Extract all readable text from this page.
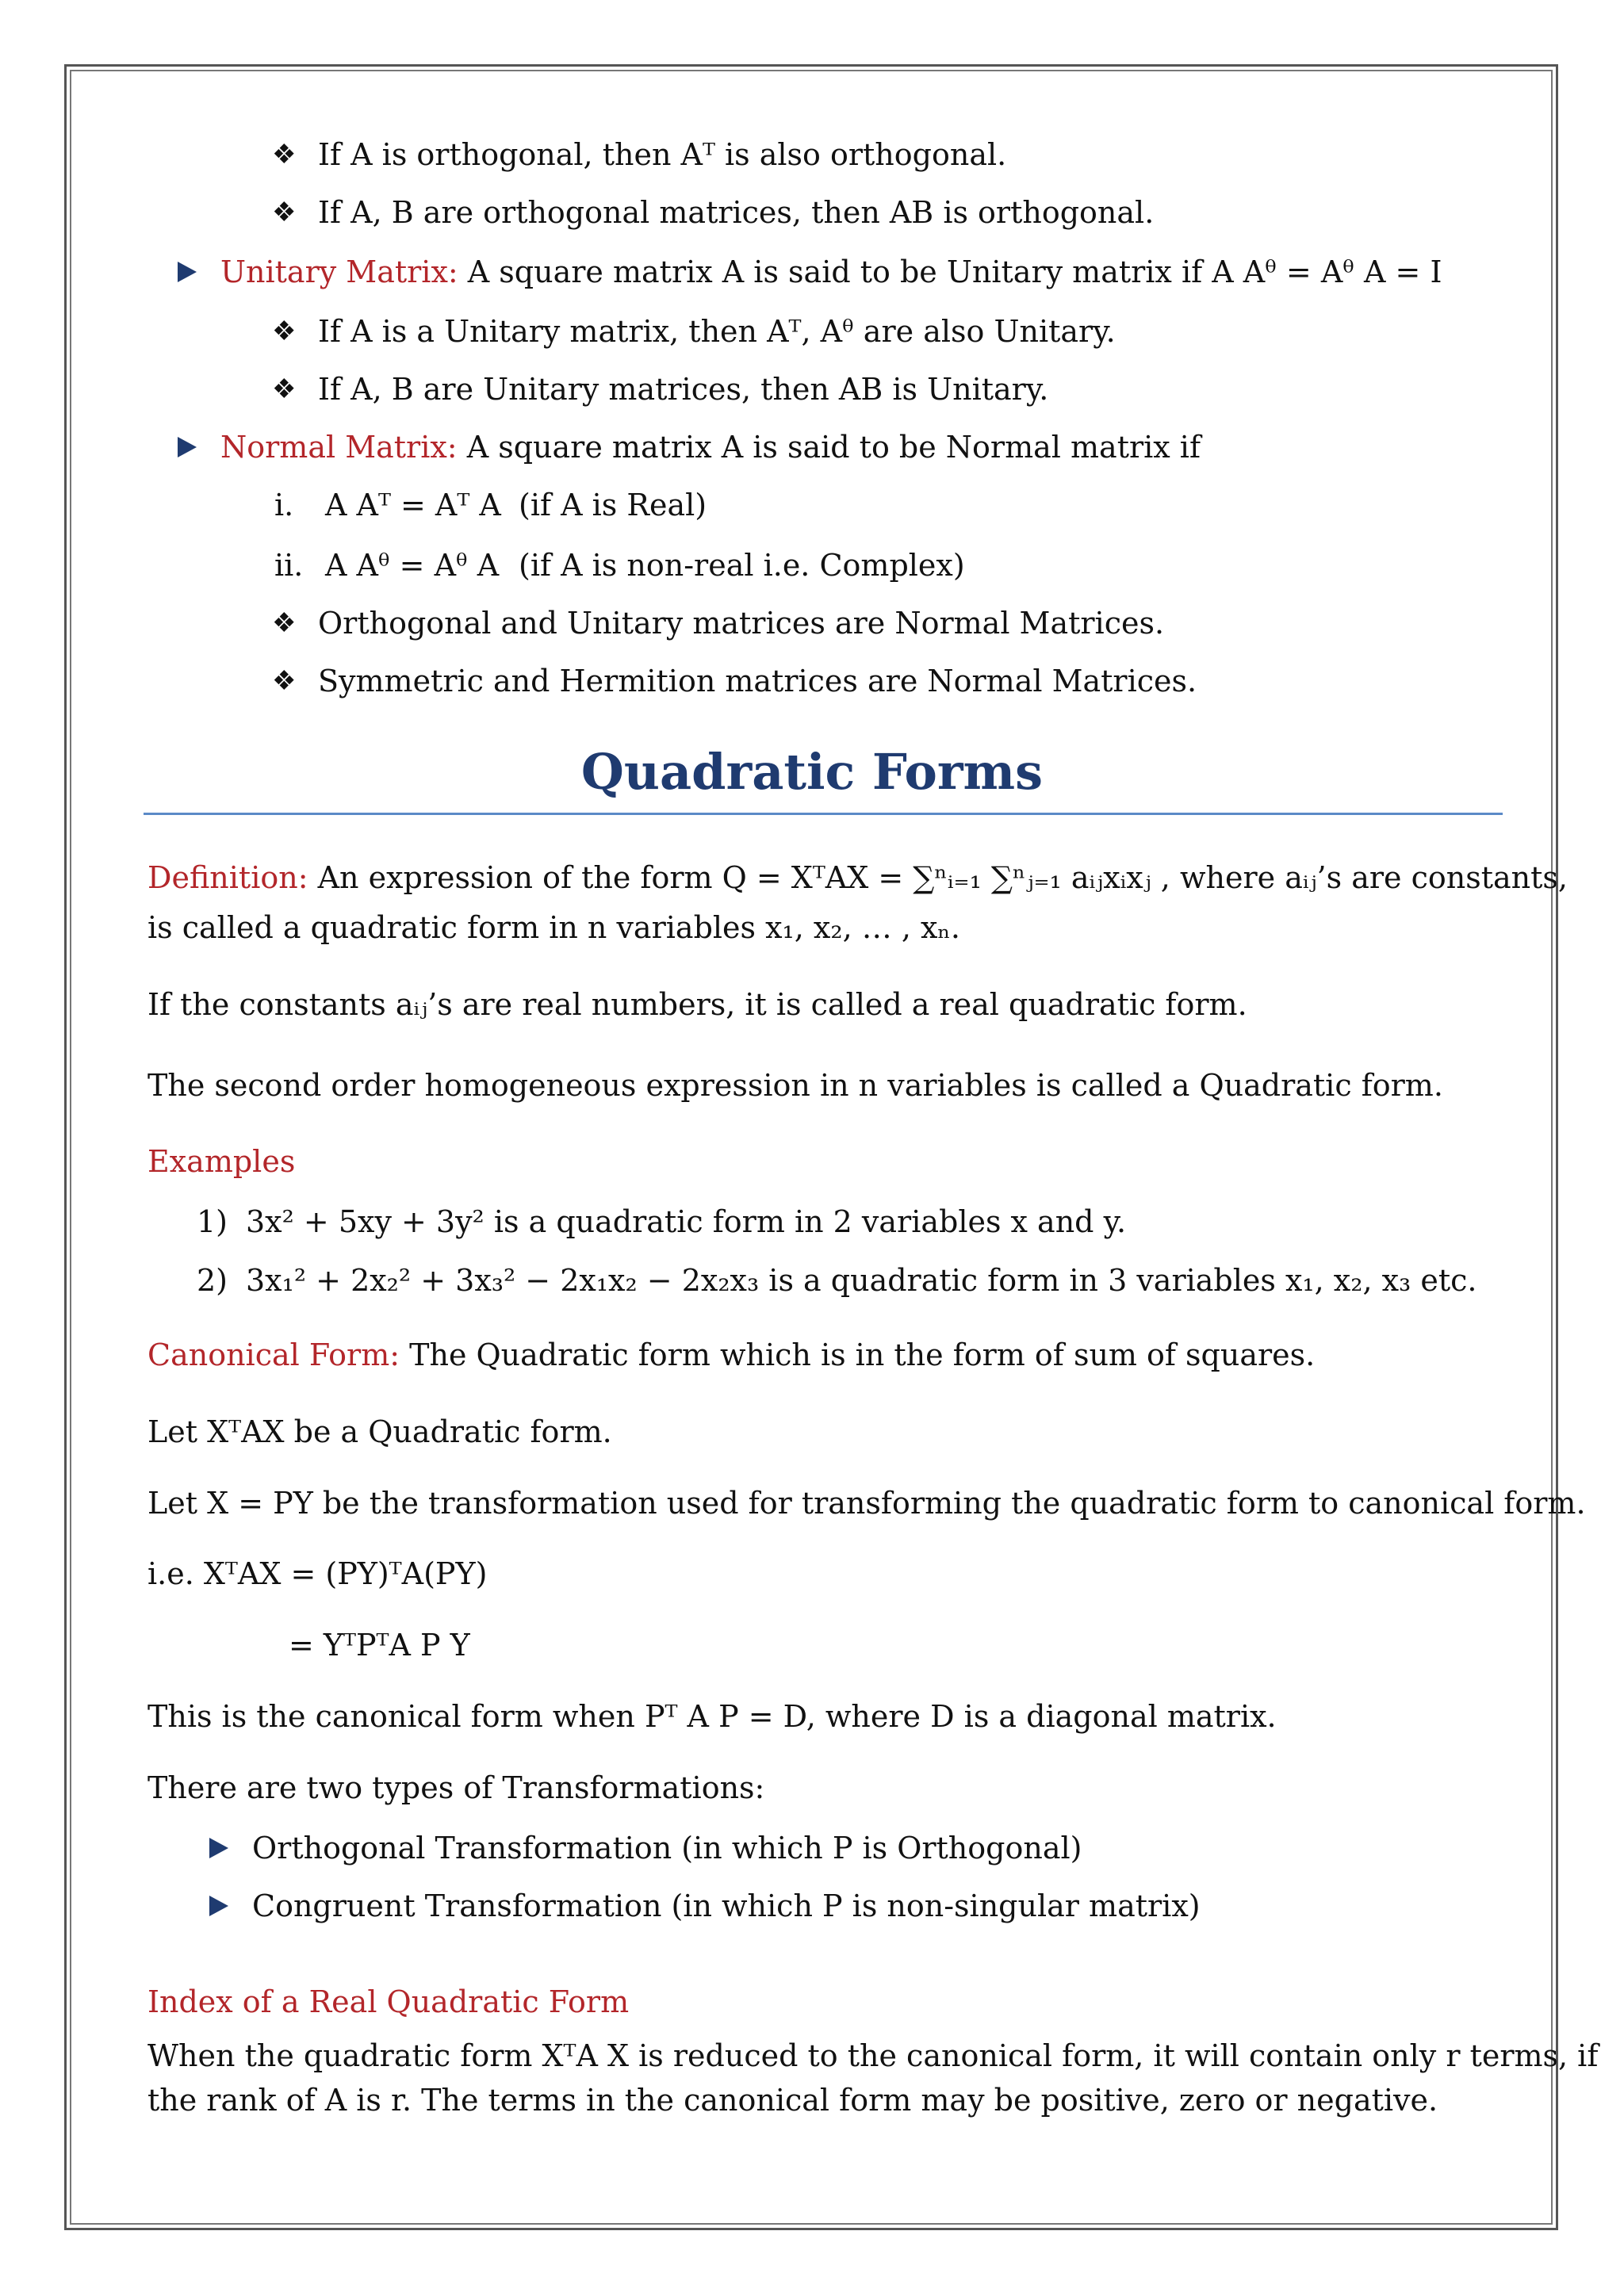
❖ If A is orthogonal, then Aᵀ is also orthogonal.
❖ If A, B are orthogonal matrices, then AB is orthogonal.
Unitary Matrix: A square matrix A is said to be Unitary matrix if A Aᶿ = Aᶿ A = I
❖ If A is a Unitary matrix, then Aᵀ, Aᶿ are also Unitary.
❖ If A, B are Unitary matrices, then AB is Unitary.
Normal Matrix: A square matrix A is said to be Normal matrix if
i. A Aᵀ = Aᵀ A (if A is Real)
ii. A Aᶿ = Aᶿ A (if A is non-real i.e. Complex)
❖ Orthogonal and Unitary matrices are Normal Matrices.
❖ Symmetric and Hermition matrices are Normal Matrices.
Quadratic Forms
Definition: An expression of the form Q = XᵀAX = ∑ⁿᵢ₌₁ ∑ⁿⱼ₌₁ aᵢⱼxᵢxⱼ , where aᵢⱼ’s are constants,
is called a quadratic form in n variables x₁, x₂, … , xₙ.
If the constants aᵢⱼ’s are real numbers, it is called a real quadratic form.
The second order homogeneous expression in n variables is called a Quadratic form.
Examples
1) 3x² + 5xy + 3y² is a quadratic form in 2 variables x and y.
2) 3x₁² + 2x₂² + 3x₃² − 2x₁x₂ − 2x₂x₃ is a quadratic form in 3 variables x₁, x₂, x₃ etc.
Canonical Form: The Quadratic form which is in the form of sum of squares.
Let XᵀAX be a Quadratic form.
Let X = PY be the transformation used for transforming the quadratic form to canonical form.
i.e. XᵀAX = (PY)ᵀA(PY)
= YᵀPᵀA P Y
This is the canonical form when Pᵀ A P = D, where D is a diagonal matrix.
There are two types of Transformations:
Orthogonal Transformation (in which P is Orthogonal)
Congruent Transformation (in which P is non-singular matrix)
Index of a Real Quadratic Form
When the quadratic form XᵀA X is reduced to the canonical form, it will contain only r terms, if
the rank of A is r. The terms in the canonical form may be positive, zero or negative.
